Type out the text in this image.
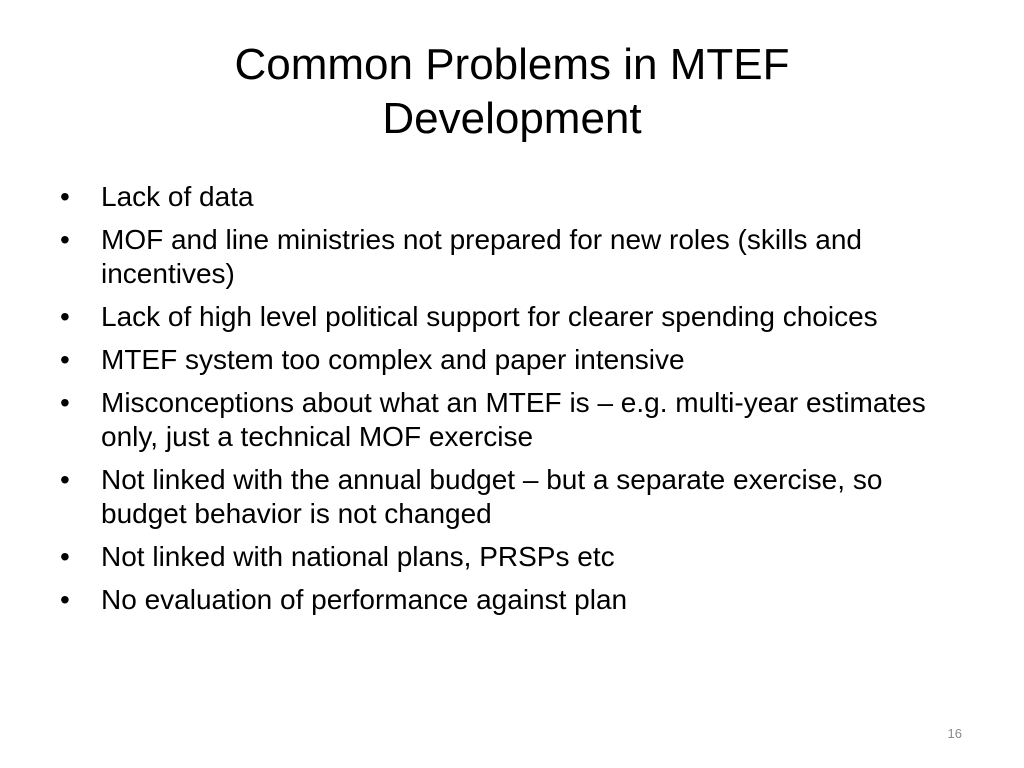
Common Problems in MTEF
Development
• Lack of data
• MOF and line ministries not prepared for new roles (skills and incentives)
• Lack of high level political support for clearer spending choices
• MTEF system too complex and paper intensive
• Misconceptions about what an MTEF is – e.g. multi-year estimates only, just a technical MOF exercise
• Not linked with the annual budget – but a separate exercise, so budget behavior is not changed
• Not linked with national plans, PRSPs etc
• No evaluation of performance against plan
16
